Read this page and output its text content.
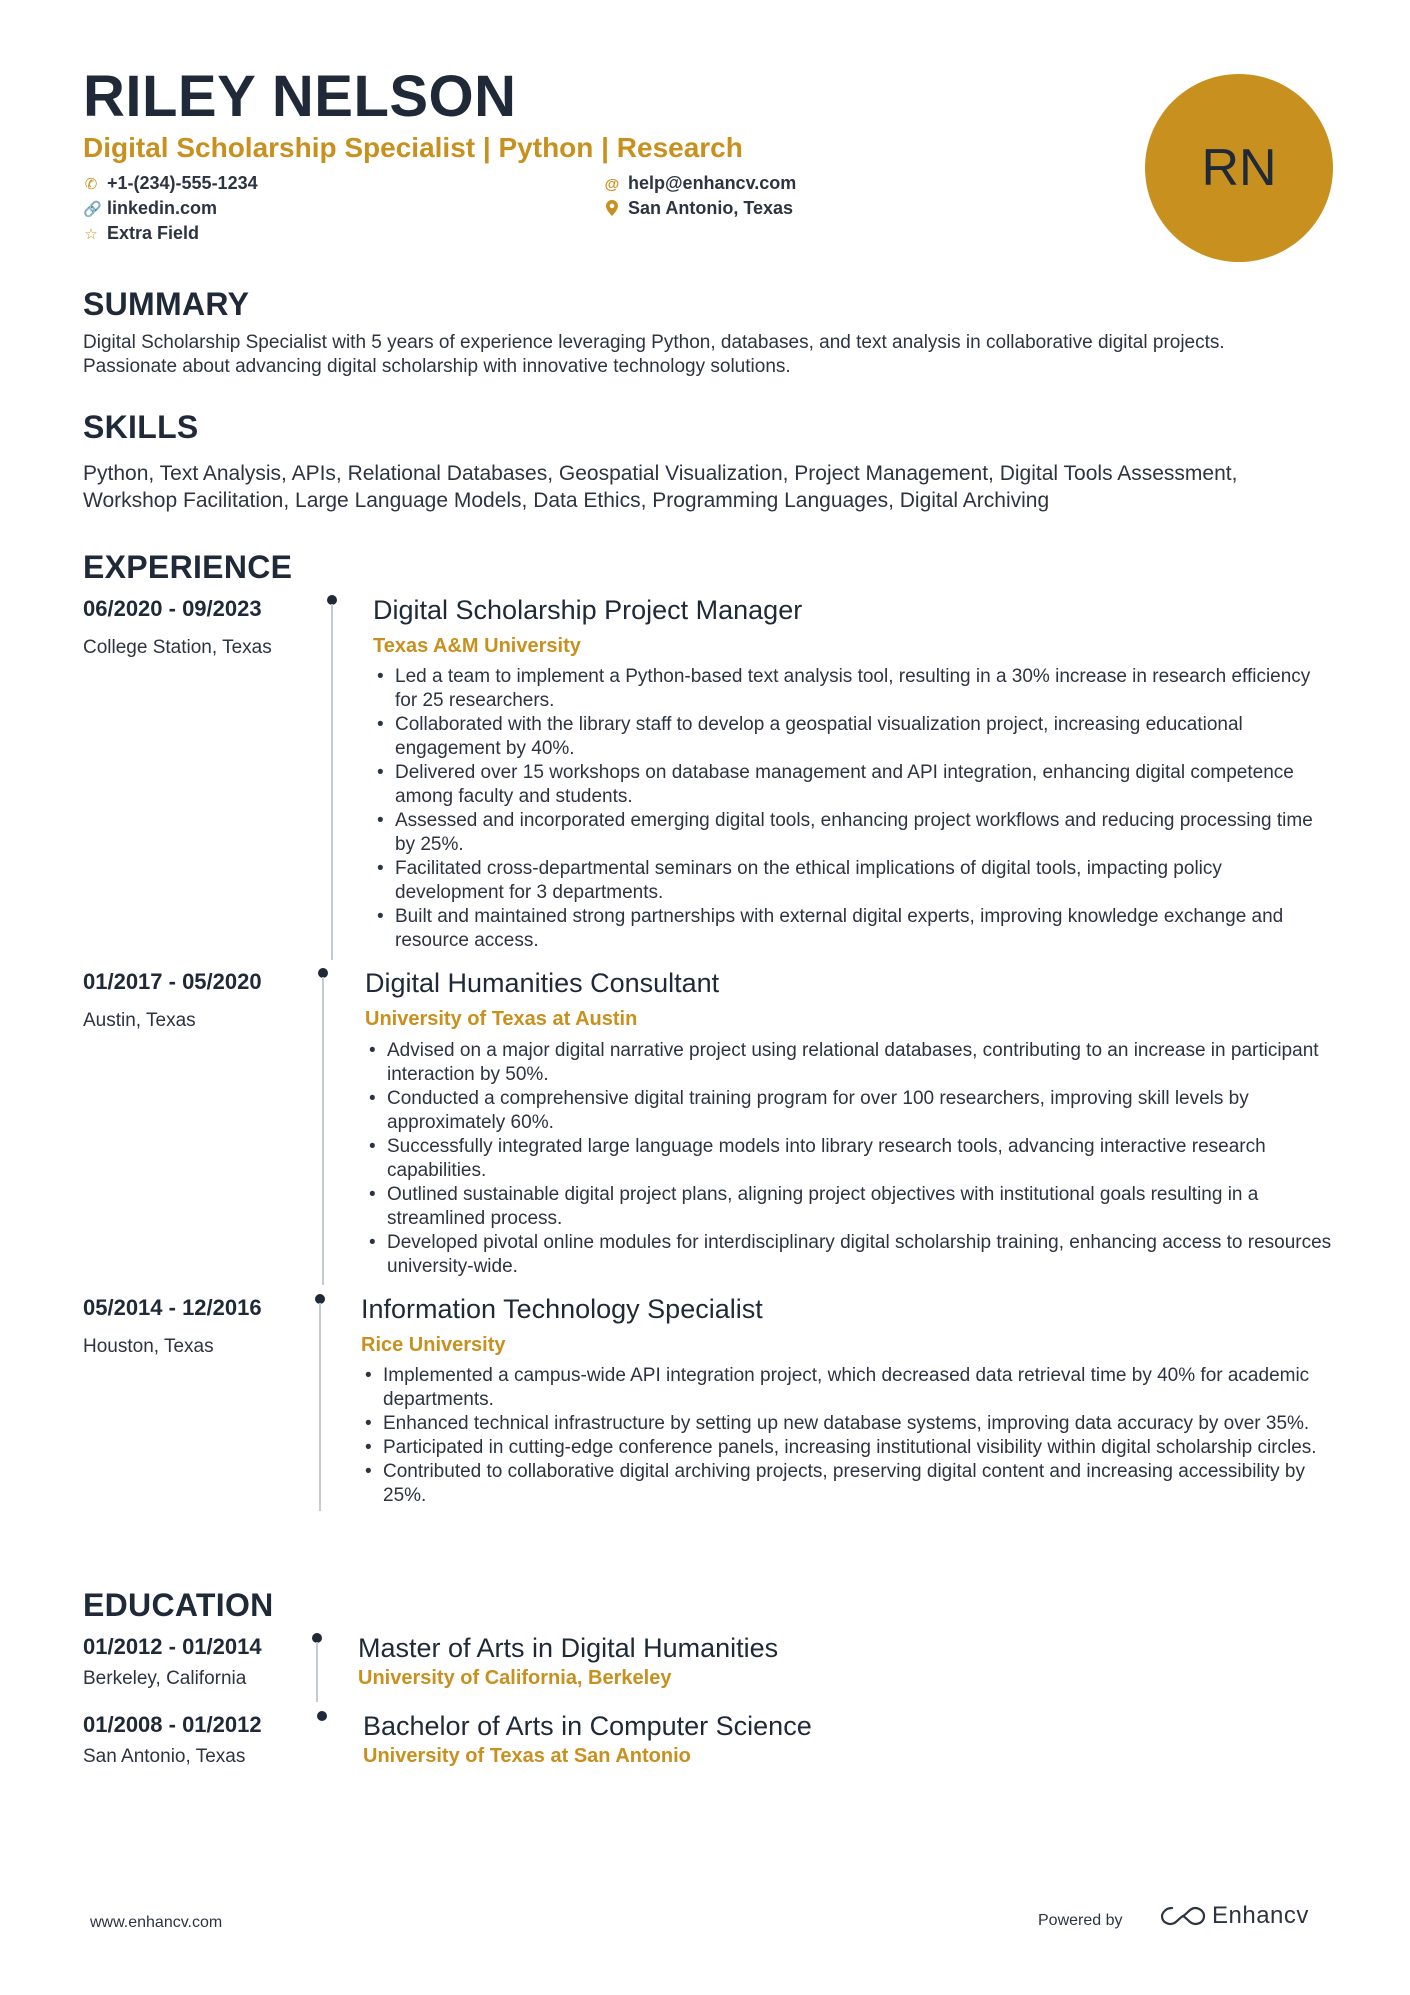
RILEY NELSON
Digital Scholarship Specialist | Python | Research
✆ +1-(234)-555-1234
🔗 linkedin.com
☆ Extra Field
@ help@enhancv.com
San Antonio, Texas
RN
SUMMARY
Digital Scholarship Specialist with 5 years of experience leveraging Python, databases, and text analysis in collaborative digital projects. Passionate about advancing digital scholarship with innovative technology solutions.
SKILLS
Python, Text Analysis, APIs, Relational Databases, Geospatial Visualization, Project Management, Digital Tools Assessment, Workshop Facilitation, Large Language Models, Data Ethics, Programming Languages, Digital Archiving
EXPERIENCE
06/2020 - 09/2023
College Station, Texas
Digital Scholarship Project Manager
Texas A&M University
• Led a team to implement a Python-based text analysis tool, resulting in a 30% increase in research efficiency for 25 researchers.
• Collaborated with the library staff to develop a geospatial visualization project, increasing educational engagement by 40%.
• Delivered over 15 workshops on database management and API integration, enhancing digital competence among faculty and students.
• Assessed and incorporated emerging digital tools, enhancing project workflows and reducing processing time by 25%.
• Facilitated cross-departmental seminars on the ethical implications of digital tools, impacting policy development for 3 departments.
• Built and maintained strong partnerships with external digital experts, improving knowledge exchange and resource access.
01/2017 - 05/2020
Austin, Texas
Digital Humanities Consultant
University of Texas at Austin
• Advised on a major digital narrative project using relational databases, contributing to an increase in participant interaction by 50%.
• Conducted a comprehensive digital training program for over 100 researchers, improving skill levels by approximately 60%.
• Successfully integrated large language models into library research tools, advancing interactive research capabilities.
• Outlined sustainable digital project plans, aligning project objectives with institutional goals resulting in a streamlined process.
• Developed pivotal online modules for interdisciplinary digital scholarship training, enhancing access to resources university-wide.
05/2014 - 12/2016
Houston, Texas
Information Technology Specialist
Rice University
• Implemented a campus-wide API integration project, which decreased data retrieval time by 40% for academic departments.
• Enhanced technical infrastructure by setting up new database systems, improving data accuracy by over 35%.
• Participated in cutting-edge conference panels, increasing institutional visibility within digital scholarship circles.
• Contributed to collaborative digital archiving projects, preserving digital content and increasing accessibility by 25%.
EDUCATION
01/2012 - 01/2014
Berkeley, California
Master of Arts in Digital Humanities
University of California, Berkeley
01/2008 - 01/2012
San Antonio, Texas
Bachelor of Arts in Computer Science
University of Texas at San Antonio
www.enhancv.com	Powered by	Enhancv
